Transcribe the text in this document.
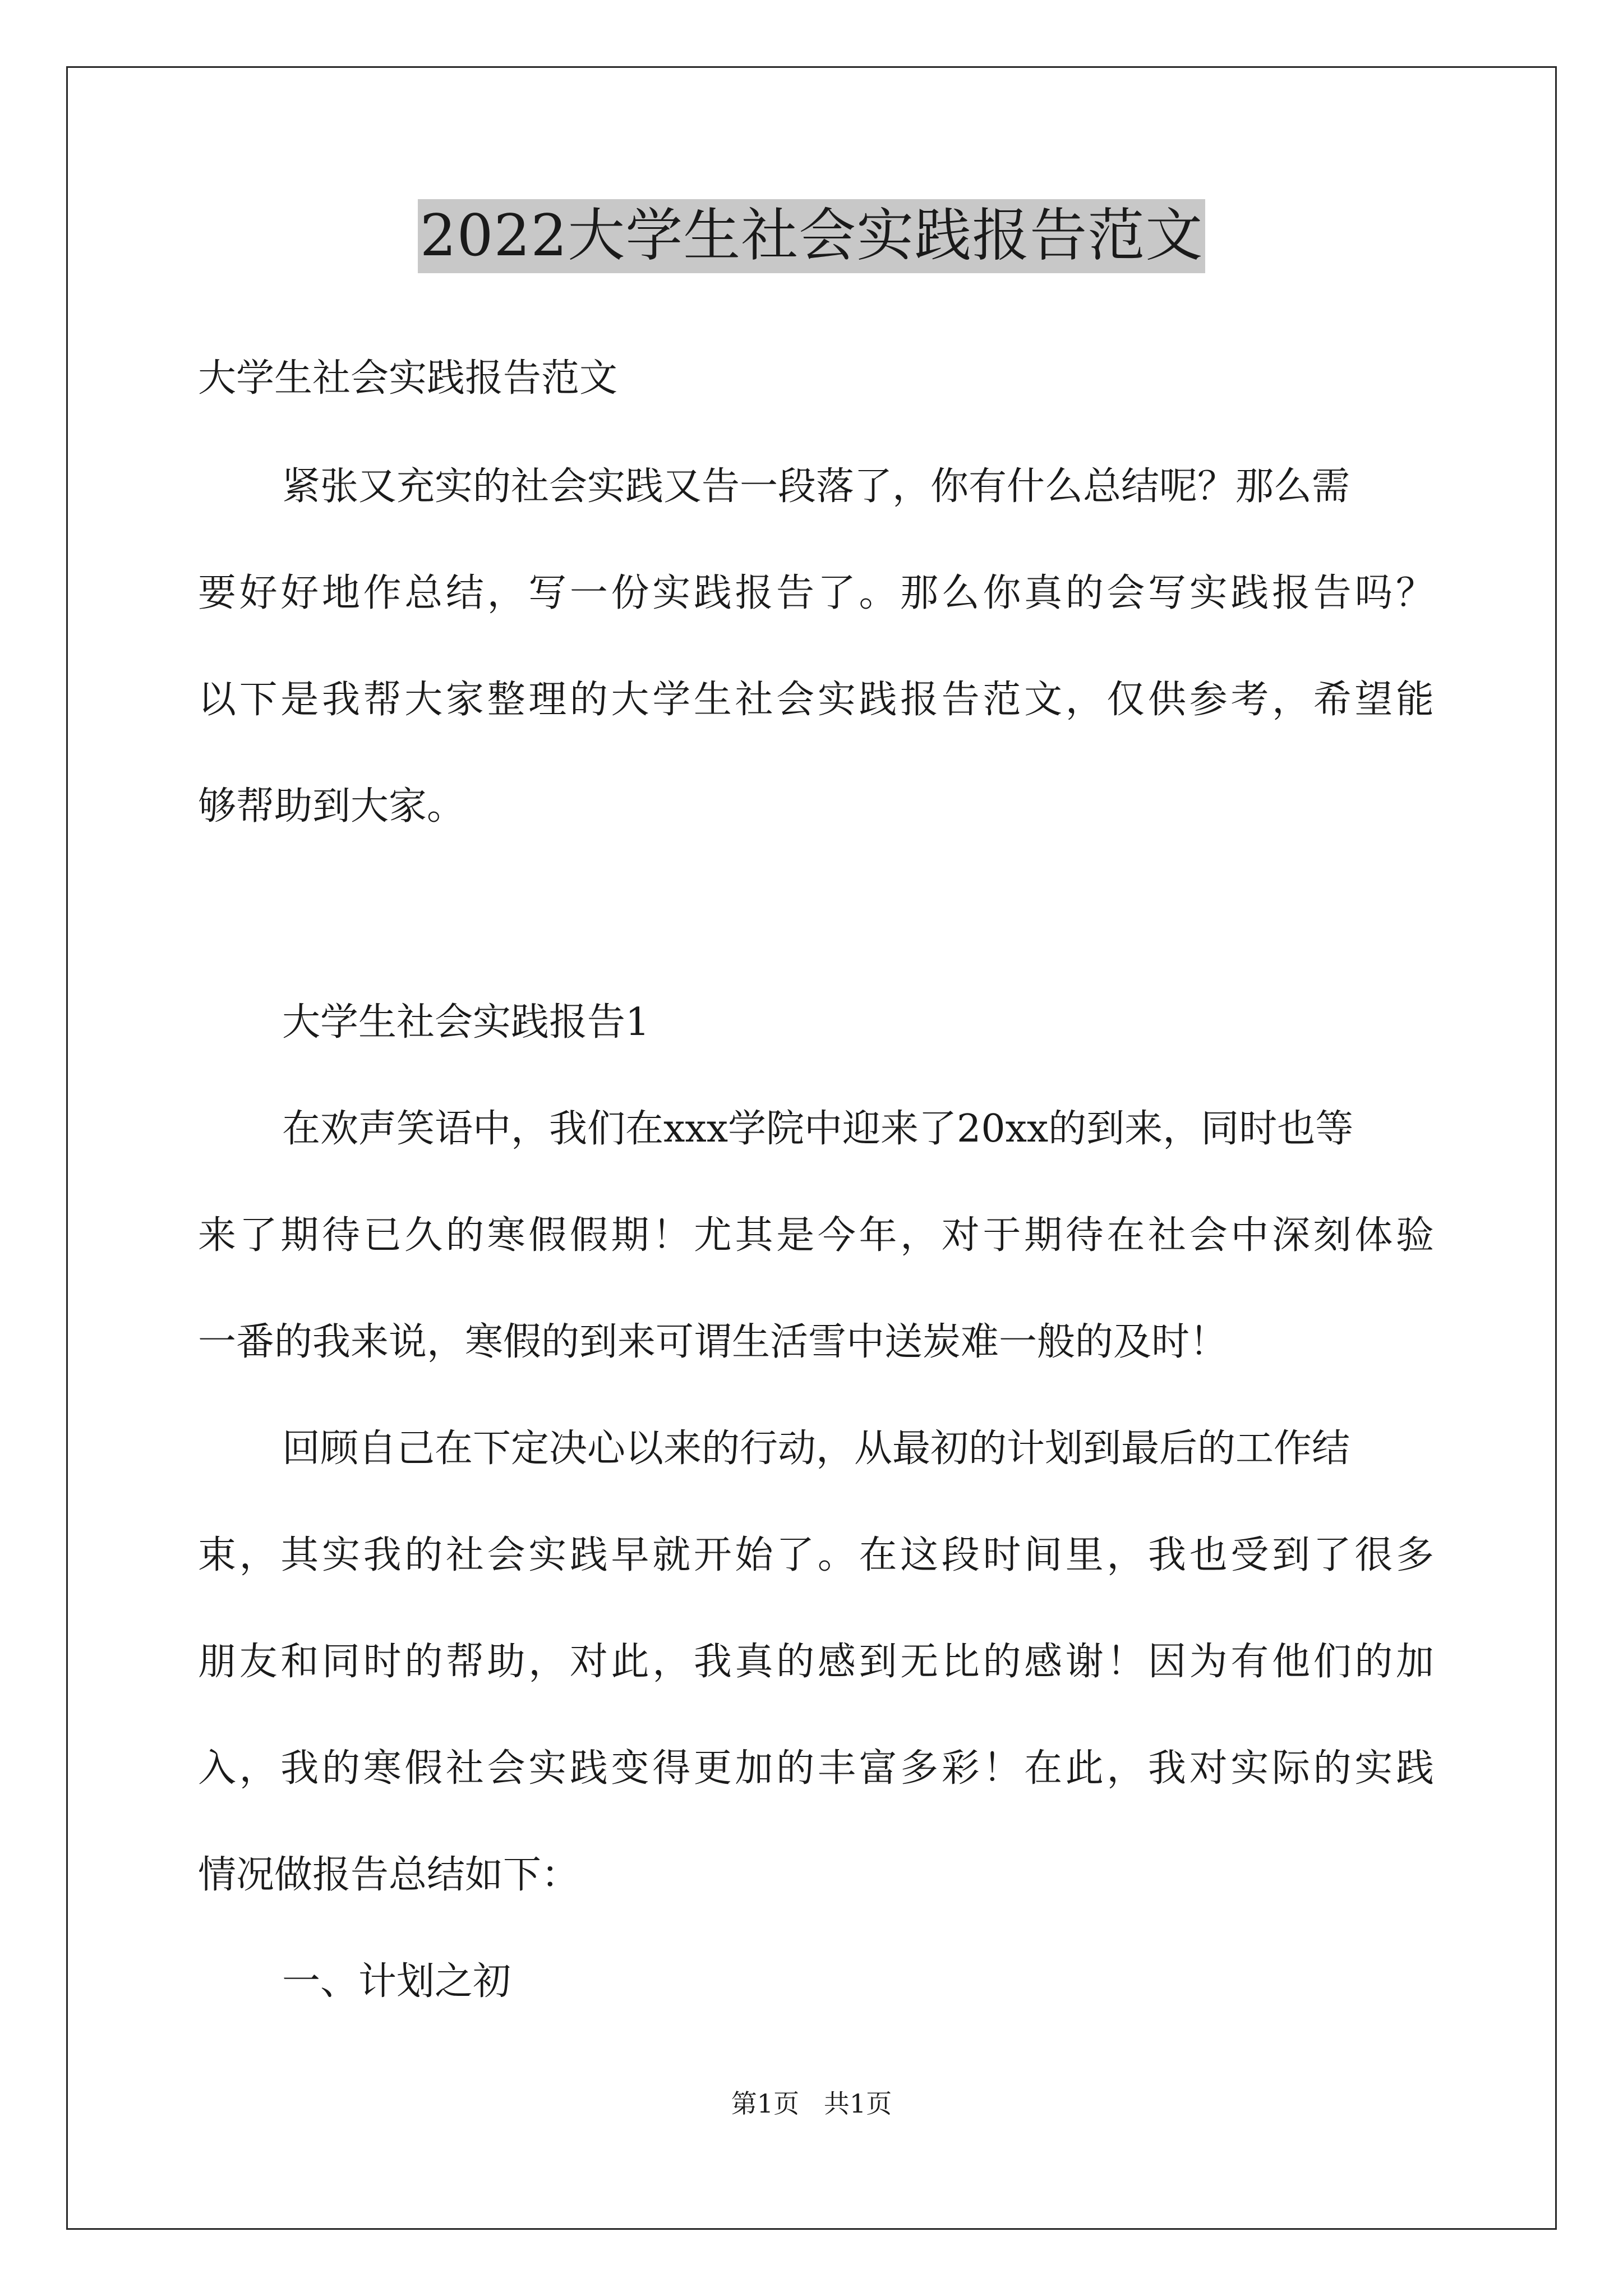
2022大学生社会实践报告范文
大学生社会实践报告范文
紧张又充实的社会实践又告一段落了，你有什么总结呢？那么需
要好好地作总结，写一份实践报告了。那么你真的会写实践报告吗？
以下是我帮大家整理的大学生社会实践报告范文，仅供参考，希望能
够帮助到大家。
大学生社会实践报告1
在欢声笑语中，我们在xxx学院中迎来了20xx的到来，同时也等
来了期待已久的寒假假期！尤其是今年，对于期待在社会中深刻体验
一番的我来说，寒假的到来可谓生活雪中送炭难一般的及时！
回顾自己在下定决心以来的行动，从最初的计划到最后的工作结
束，其实我的社会实践早就开始了。在这段时间里，我也受到了很多
朋友和同时的帮助，对此，我真的感到无比的感谢！因为有他们的加
入，我的寒假社会实践变得更加的丰富多彩！在此，我对实际的实践
情况做报告总结如下：
一、计划之初
第1页   共1页
